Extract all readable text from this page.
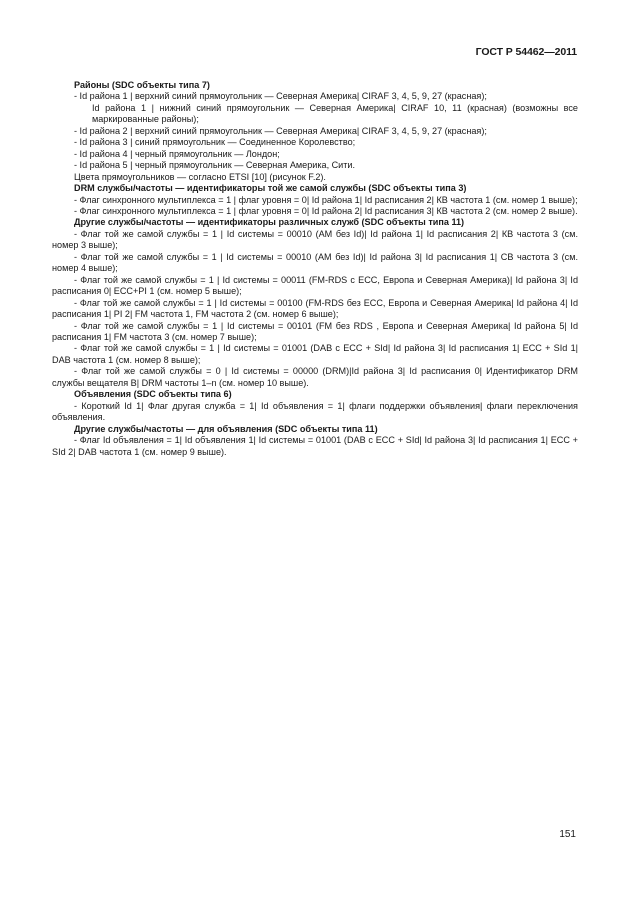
ГОСТ Р 54462—2011

Районы (SDC объекты типа 7)

- Id района 1 | верхний синий прямоугольник — Северная Америка| CIRAF 3, 4, 5, 9, 27 (красная);

Id района 1 | нижний синий прямоугольник — Северная Америка| CIRAF 10, 11 (красная) (возможны все маркированные районы);

- Id района 2 | верхний синий прямоугольник — Северная Америка| CIRAF 3, 4, 5, 9, 27 (красная);

- Id района 3 | синий прямоугольник — Соединенное Королевство;

- Id района 4 | черный прямоугольник — Лондон;

- Id района 5 | черный прямоугольник — Северная Америка, Сити.

Цвета прямоугольников — согласно ETSI [10] (рисунок F.2).

DRM службы/частоты — идентификаторы той же самой службы (SDC объекты типа 3)

- Флаг синхронного мультиплекса = 1 | флаг уровня = 0| Id района 1| Id расписания 2| КВ частота 1 (см. номер 1 выше);

- Флаг синхронного мультиплекса = 1 | флаг уровня = 0| Id района 2| Id расписания 3| КВ частота 2 (см. номер 2 выше).

Другие службы/частоты — идентификаторы различных служб (SDC объекты типа 11)

- Флаг той же самой службы = 1 | Id системы = 00010 (АМ без Id)| Id района 1| Id расписания 2| КВ частота 3 (см. номер 3 выше);

- Флаг той же самой службы = 1 | Id системы = 00010 (АМ без Id)| Id района 3| Id расписания 1| СВ частота 3 (см. номер 4 выше);

- Флаг той же самой службы = 1 | Id системы = 00011 (FM-RDS с ECC, Европа и Северная Америка)| Id района 3| Id расписания 0| ECC+PI 1 (см. номер 5 выше);

- Флаг той же самой службы = 1 | Id системы = 00100 (FM-RDS без ECC, Европа и Северная Америка| Id района 4| Id расписания 1| PI 2| FM частота 1, FM частота 2 (см. номер 6 выше);

- Флаг той же самой службы = 1 | Id системы = 00101 (FM без RDS , Европа и Северная Америка| Id района 5| Id расписания 1| FM частота 3 (см. номер 7 выше);

- Флаг той же самой службы = 1 | Id системы = 01001 (DAB с ECC + SId| Id района 3| Id расписания 1| ECC + SId 1| DAB частота 1 (см. номер 8 выше);

- Флаг той же самой службы = 0 | Id системы = 00000 (DRM)|Id района 3| Id расписания 0| Идентификатор DRM службы вещателя B| DRM частоты 1–n (см. номер 10 выше).

Объявления (SDC объекты типа 6)

- Короткий Id 1| Флаг другая служба = 1| Id объявления = 1| флаги поддержки объявления| флаги переключения объявления.

Другие службы/частоты — для объявления (SDC объекты типа 11)

- Флаг Id объявления = 1| Id объявления 1| Id системы = 01001 (DAB с ECC + SId| Id района 3| Id расписания 1| ECC + SId 2| DAB частота 1 (см. номер 9 выше).

151
